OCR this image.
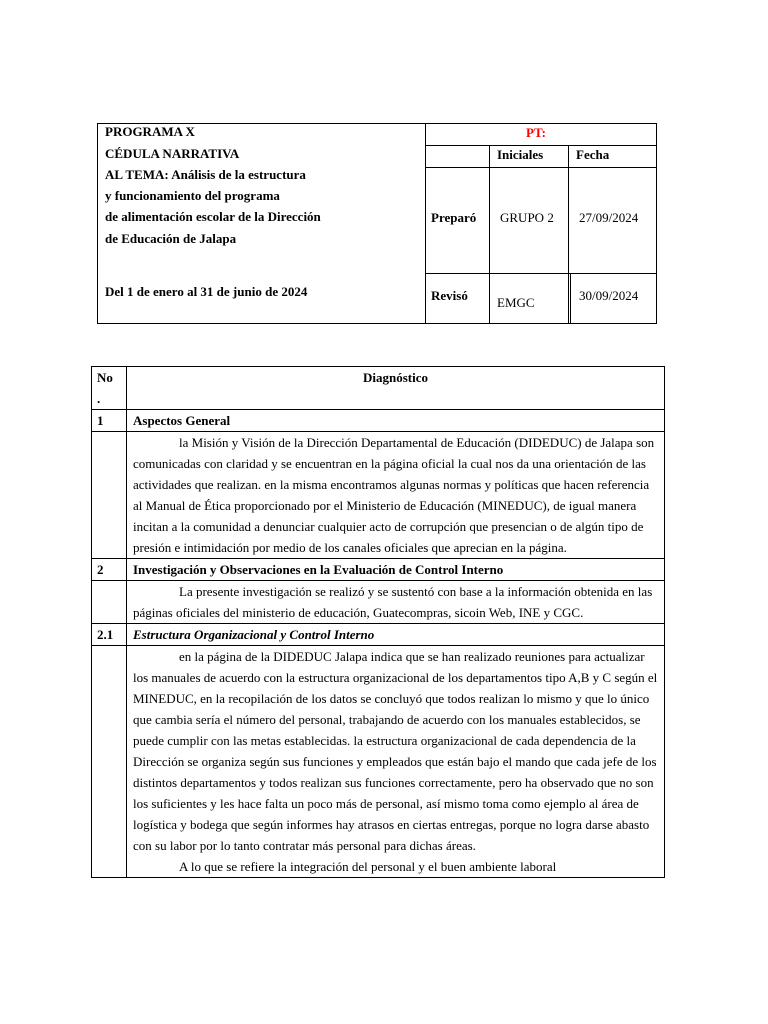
PROGRAMA X
CÉDULA NARRATIVA
AL TEMA: Análisis de la estructura
y funcionamiento del programa
de alimentación escolar de la Dirección
de Educación de Jalapa
Del 1 de enero al 31 de junio de 2024
PT:
Iniciales	Fecha
Preparó GRUPO 2 27/09/2024
Revisó EMGC	30/09/2024
No
.	Diagnóstico
1	Aspectos General

	la Misión y Visión de la Dirección Departamental de Educación (DIDEDUC) de Jalapa son comunicadas con claridad y se encuentran en la página oficial la cual nos da una orientación de las actividades que realizan. en la misma encontramos algunas normas y políticas que hacen referencia al Manual de Ética proporcionado por el Ministerio de Educación (MINEDUC), de igual manera incitan a la comunidad a denunciar cualquier acto de corrupción que presencian o de algún tipo de presión e intimidación por medio de los canales oficiales que aprecian en la página.

2	Investigación y Observaciones en la Evaluación de Control Interno

	La presente investigación se realizó y se sustentó con base a la información obtenida en las páginas oficiales del ministerio de educación, Guatecompras, sicoin Web, INE y CGC.

2.1	Estructura Organizacional y Control Interno

	en la página de la DIDEDUC Jalapa indica que se han realizado reuniones para actualizar los manuales de acuerdo con la estructura organizacional de los departamentos tipo A,B y C según el MINEDUC, en la recopilación de los datos se concluyó que todos realizan lo mismo y que lo único que cambia sería el número del personal, trabajando de acuerdo con los manuales establecidos, se puede cumplir con las metas establecidas. la estructura organizacional de cada dependencia de la Dirección se organiza según sus funciones y empleados que están bajo el mando que cada jefe de los distintos departamentos y todos realizan sus funciones correctamente, pero ha observado que no son los suficientes y les hace falta un poco más de personal, así mismo toma como ejemplo al área de logística y bodega que según informes hay atrasos en ciertas entregas, porque no logra darse abasto con su labor por lo tanto contratar más personal para dichas áreas.

A lo que se refiere la integración del personal y el buen ambiente laboral
